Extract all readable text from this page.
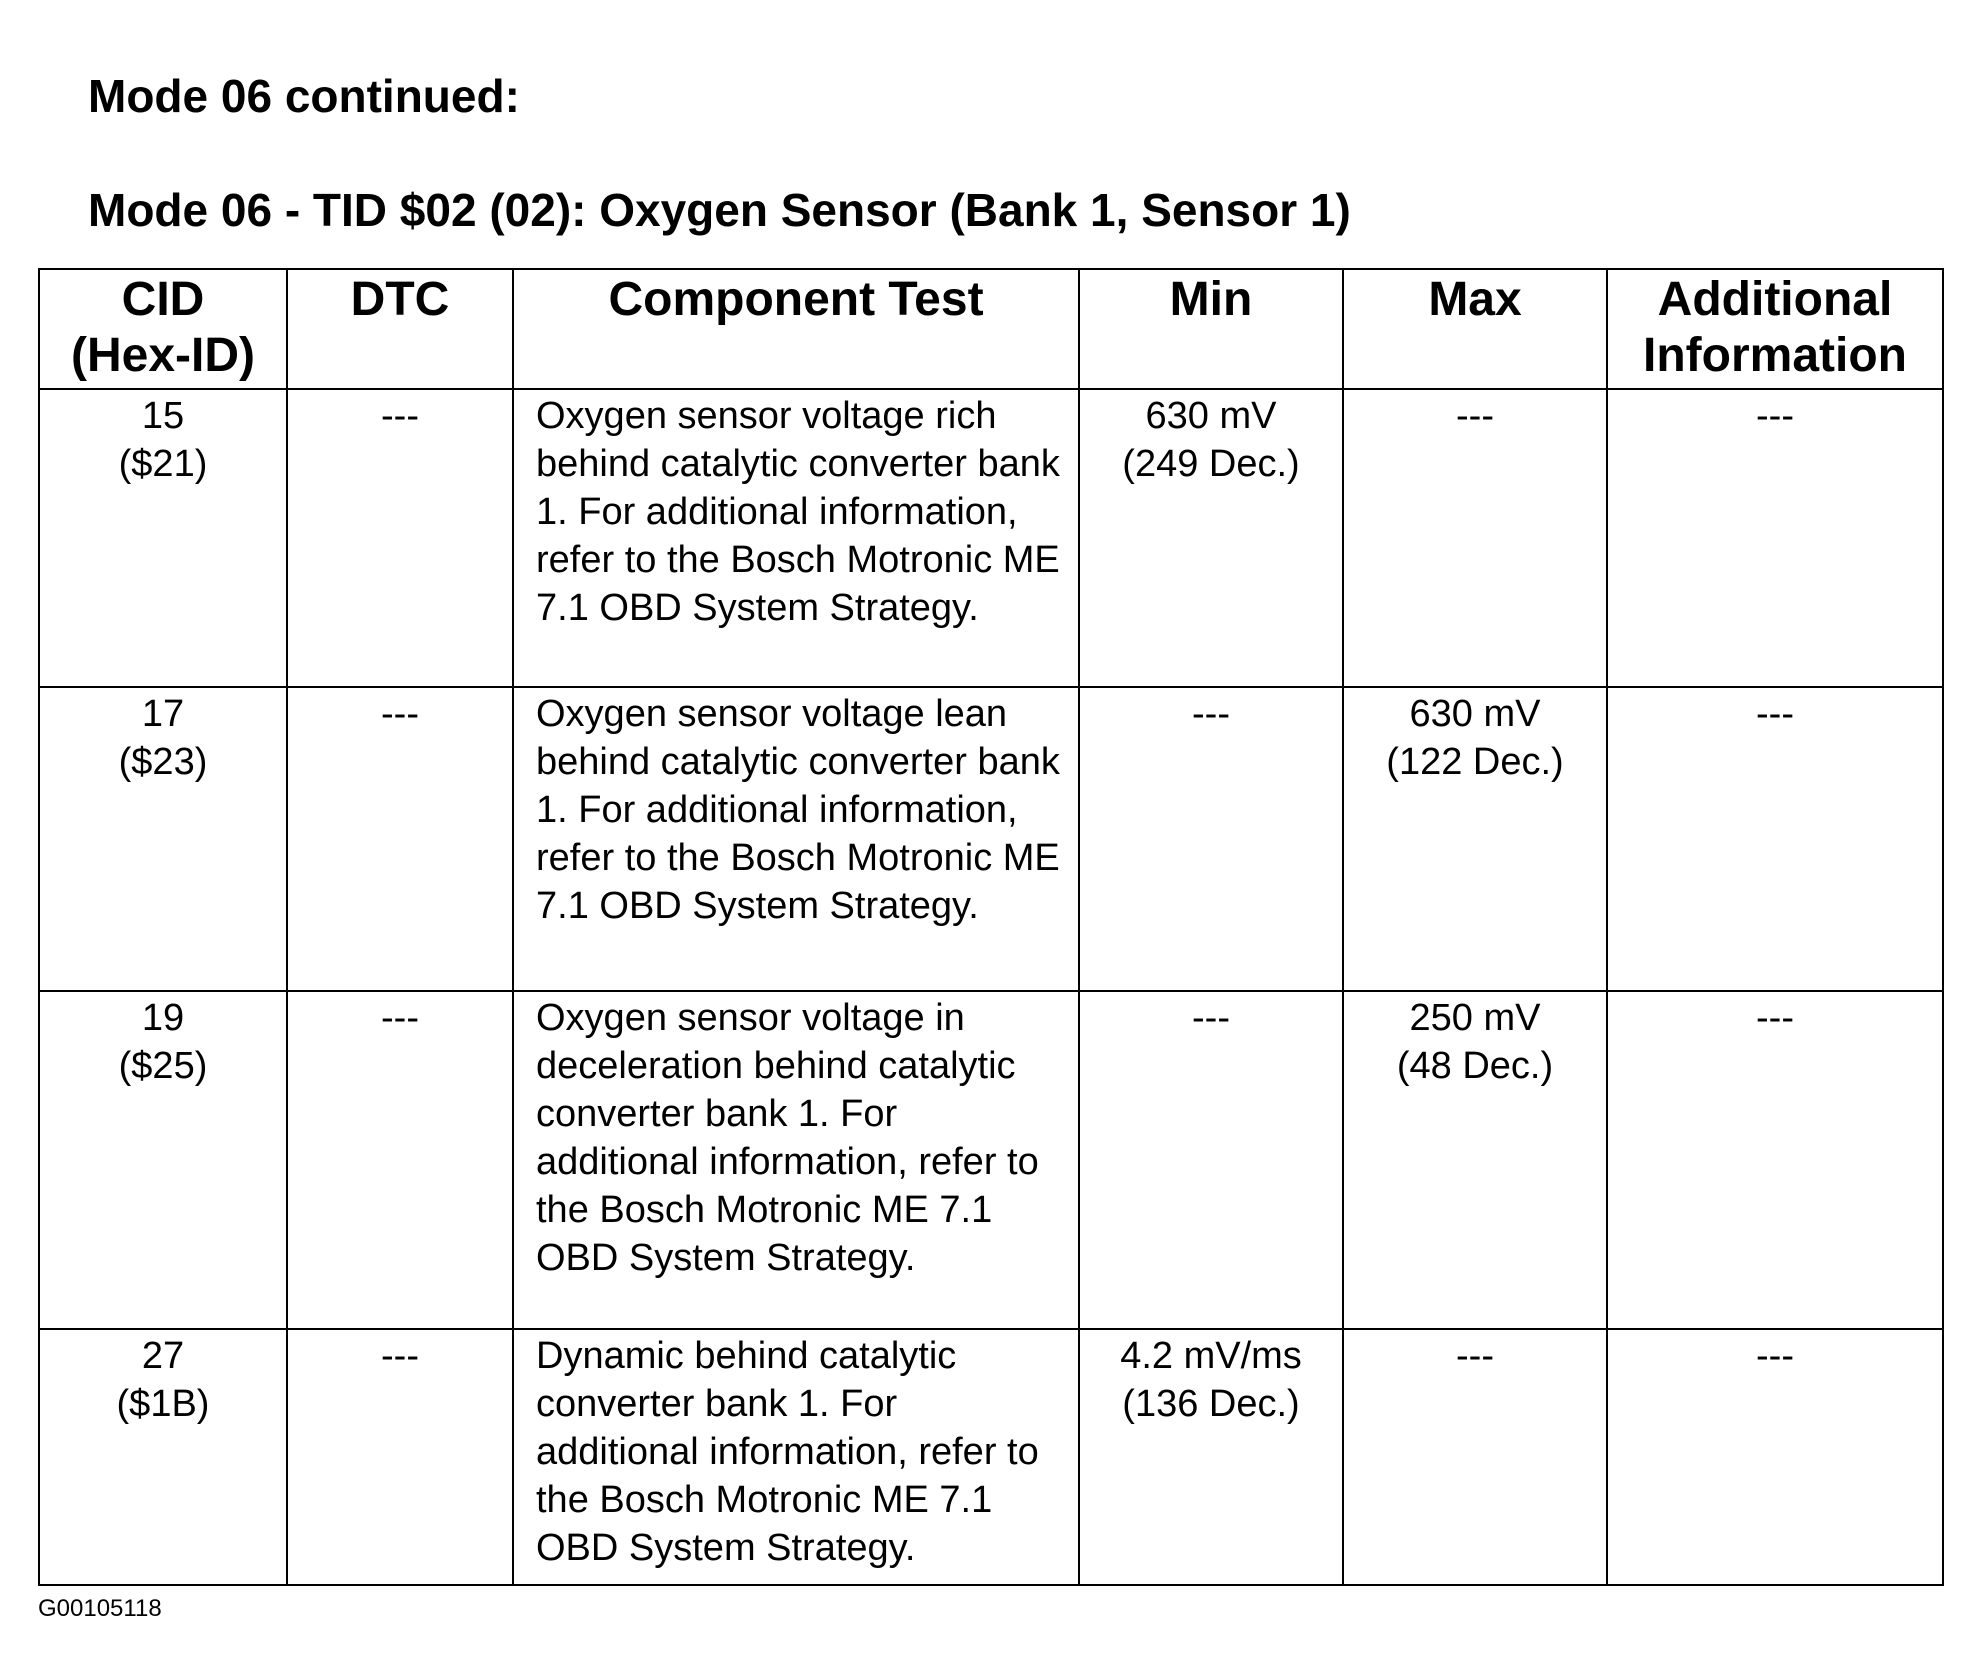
Mode 06 continued:
Mode 06 - TID $02 (02): Oxygen Sensor (Bank 1, Sensor 1)
CID
(Hex-ID)	DTC	Component Test	Min	Max	Additional
Information

15
($21)	---	Oxygen sensor voltage rich behind catalytic converter bank 1. For additional information, refer to the Bosch Motronic ME 7.1 OBD System Strategy.	630 mV
(249 Dec.)	---	---

17
($23)	---	Oxygen sensor voltage lean behind catalytic converter bank 1. For additional information, refer to the Bosch Motronic ME 7.1 OBD System Strategy.	---	630 mV
(122 Dec.)	---

19
($25)	---	Oxygen sensor voltage in deceleration behind catalytic converter bank 1. For additional information, refer to the Bosch Motronic ME 7.1 OBD System Strategy.	---	250 mV
(48 Dec.)	---

27
($1B)	---	Dynamic behind catalytic converter bank 1. For additional information, refer to the Bosch Motronic ME 7.1 OBD System Strategy.	4.2 mV/ms
(136 Dec.)	---	---
G00105118
